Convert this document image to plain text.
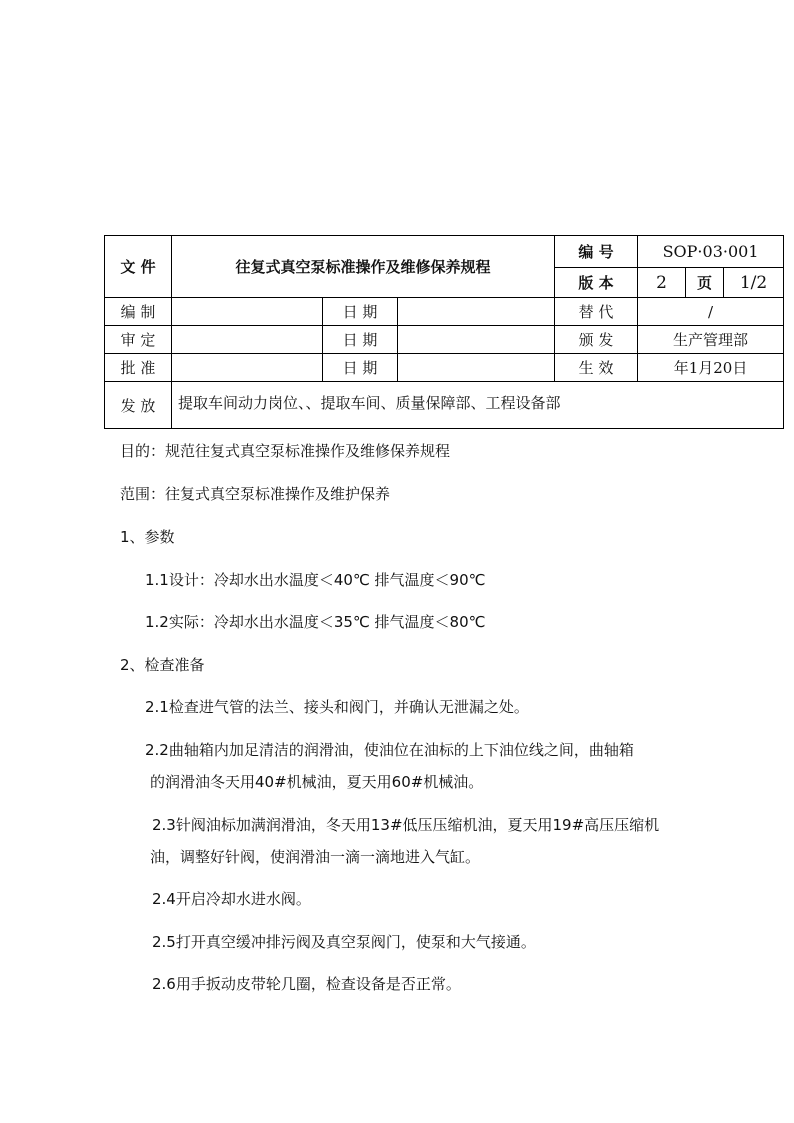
文 件	往复式真空泵标准操作及维修保养规程			编 号	SOP·03·001		
				版 本	2	页	1/2
编 制		日 期		替 代	/		
审 定		日 期		颁 发	生产管理部		
批 准		日 期		生 效	年1月20日		
发 放	提取车间动力岗位、、提取车间、质量保障部、工程设备部						
目的：规范往复式真空泵标准操作及维修保养规程
范围：往复式真空泵标准操作及维护保养
1、参数
1.1设计：冷却水出水温度＜40℃ 排气温度＜90℃
1.2实际：冷却水出水温度＜35℃ 排气温度＜80℃
2、检查准备
2.1检查进气管的法兰、接头和阀门，并确认无泄漏之处。
2.2曲轴箱内加足清洁的润滑油，使油位在油标的上下油位线之间，曲轴箱
的润滑油冬天用40#机械油，夏天用60#机械油。
2.3针阀油标加满润滑油，冬天用13#低压压缩机油，夏天用19#高压压缩机
油，调整好针阀，使润滑油一滴一滴地进入气缸。
2.4开启冷却水进水阀。
2.5打开真空缓冲排污阀及真空泵阀门，使泵和大气接通。
2.6用手扳动皮带轮几圈，检查设备是否正常。
